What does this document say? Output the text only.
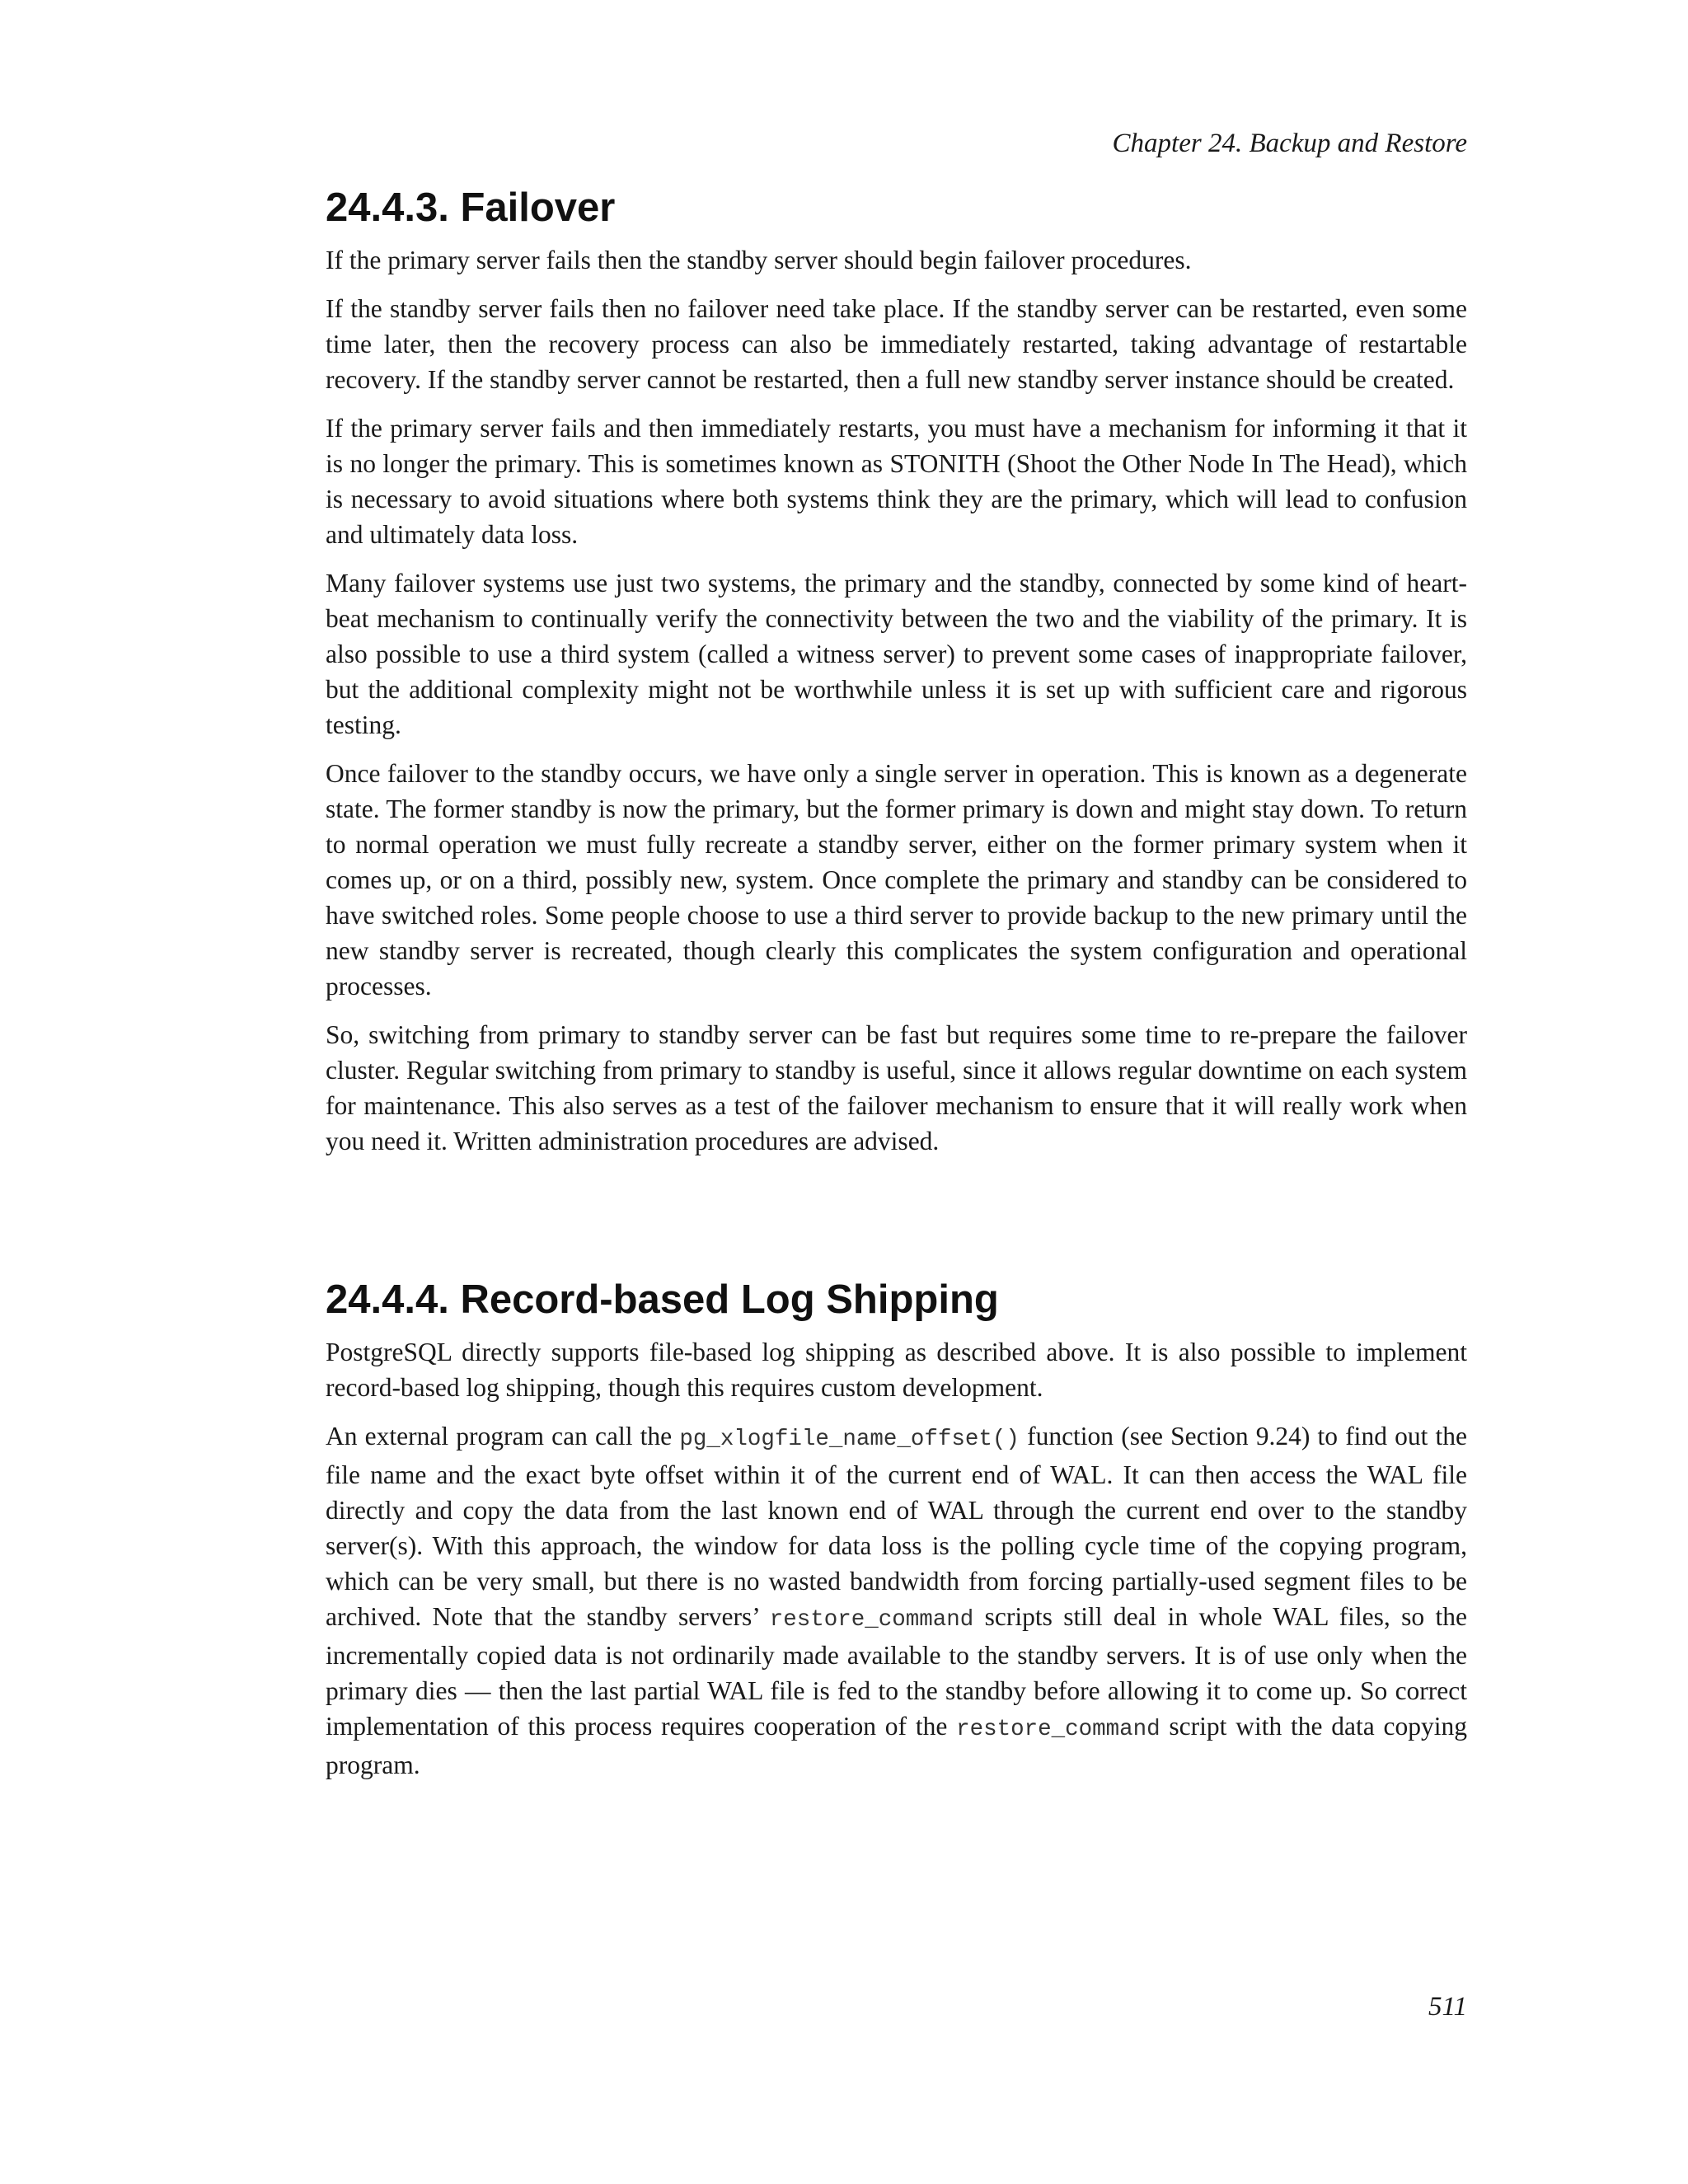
Chapter 24. Backup and Restore
24.4.3. Failover

If the primary server fails then the standby server should begin failover procedures.

If the standby server fails then no failover need take place. If the standby server can be restarted, even some time later, then the recovery process can also be immediately restarted, taking advantage of restartable recovery. If the standby server cannot be restarted, then a full new standby server instance should be created.

If the primary server fails and then immediately restarts, you must have a mechanism for informing it that it is no longer the primary. This is sometimes known as STONITH (Shoot the Other Node In The Head), which is necessary to avoid situations where both systems think they are the primary, which will lead to confusion and ultimately data loss.

Many failover systems use just two systems, the primary and the standby, connected by some kind of heartbeat mechanism to continually verify the connectivity between the two and the viability of the primary. It is also possible to use a third system (called a witness server) to prevent some cases of inappropriate failover, but the additional complexity might not be worthwhile unless it is set up with sufficient care and rigorous testing.

Once failover to the standby occurs, we have only a single server in operation. This is known as a degenerate state. The former standby is now the primary, but the former primary is down and might stay down. To return to normal operation we must fully recreate a standby server, either on the former primary system when it comes up, or on a third, possibly new, system. Once complete the primary and standby can be considered to have switched roles. Some people choose to use a third server to provide backup to the new primary until the new standby server is recreated, though clearly this complicates the system configuration and operational processes.

So, switching from primary to standby server can be fast but requires some time to re-prepare the failover cluster. Regular switching from primary to standby is useful, since it allows regular downtime on each system for maintenance. This also serves as a test of the failover mechanism to ensure that it will really work when you need it. Written administration procedures are advised.

24.4.4. Record-based Log Shipping

PostgreSQL directly supports file-based log shipping as described above. It is also possible to implement record-based log shipping, though this requires custom development.

An external program can call the pg_xlogfile_name_offset() function (see Section 9.24) to find out the file name and the exact byte offset within it of the current end of WAL. It can then access the WAL file directly and copy the data from the last known end of WAL through the current end over to the standby server(s). With this approach, the window for data loss is the polling cycle time of the copying program, which can be very small, but there is no wasted bandwidth from forcing partially-used segment files to be archived. Note that the standby servers’ restore_command scripts still deal in whole WAL files, so the incrementally copied data is not ordinarily made available to the standby servers. It is of use only when the primary dies — then the last partial WAL file is fed to the standby before allowing it to come up. So correct implementation of this process requires cooperation of the restore_command script with the data copying program.

511
